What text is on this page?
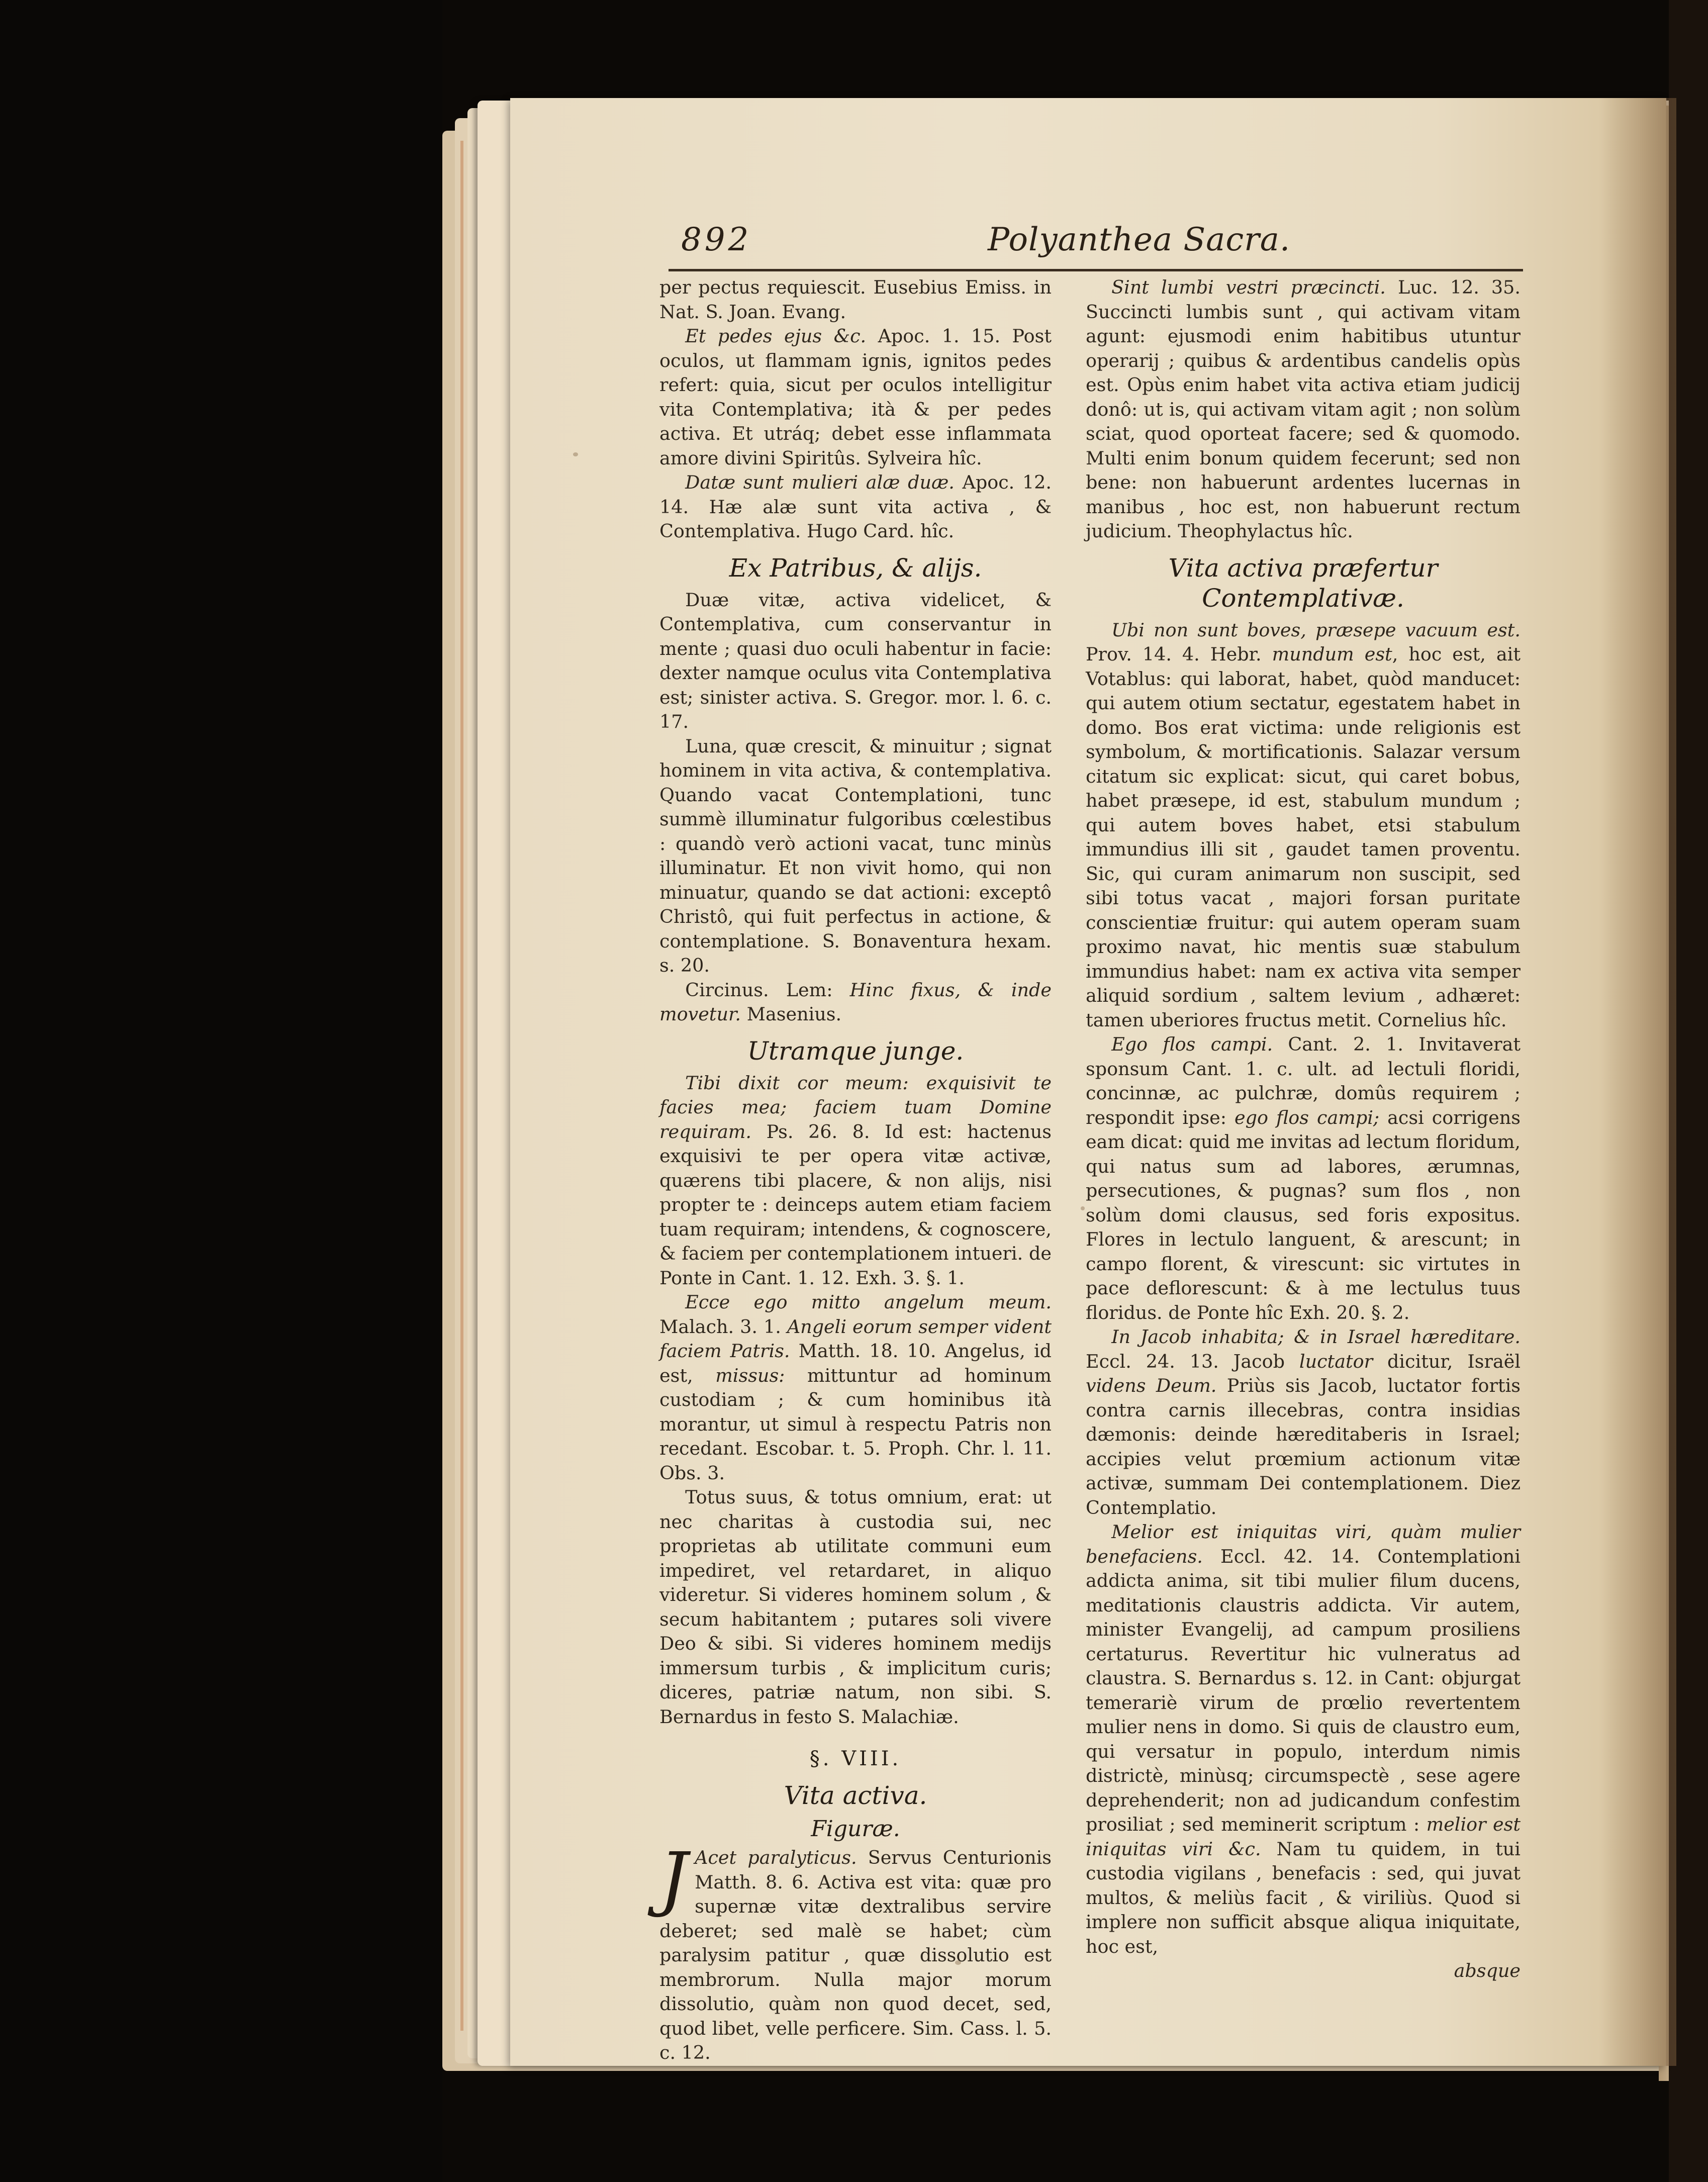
892	Polyanthea Sacra.

per pectus requiescit. Eusebius Emiss. in Nat. S. Joan. Evang.

Et pedes ejus &c. Apoc. 1. 15. Post oculos, ut flammam ignis, ignitos pedes refert: quia, sicut per oculos intelligitur vita Contemplativa; ità & per pedes activa. Et utráq; debet esse inflammata amore divini Spiritûs. Sylveira hîc.

Datæ sunt mulieri alæ duæ. Apoc. 12. 14. Hæ alæ sunt vita activa , & Contemplativa. Hugo Card. hîc.

Ex Patribus, & alijs.

Duæ vitæ, activa videlicet, & Contemplativa, cum conservantur in mente ; quasi duo oculi habentur in facie: dexter namque oculus vita Contemplativa est; sinister activa. S. Gregor. mor. l. 6. c. 17.

Luna, quæ crescit, & minuitur ; signat hominem in vita activa, & contemplativa. Quando vacat Contemplationi, tunc summè illuminatur fulgoribus cœlestibus : quandò verò actioni vacat, tunc minùs illuminatur. Et non vivit homo, qui non minuatur, quando se dat actioni: exceptô Christô, qui fuit perfectus in actione, & contemplatione. S. Bonaventura hexam. s. 20.

Circinus. Lem: Hinc fixus, & inde movetur. Masenius.

Utramque junge.

Tibi dixit cor meum: exquisivit te facies mea; faciem tuam Domine requiram. Ps. 26. 8. Id est: hactenus exquisivi te per opera vitæ activæ, quærens tibi placere, & non alijs, nisi propter te : deinceps autem etiam faciem tuam requiram; intendens, & cognoscere, & faciem per contemplationem intueri. de Ponte in Cant. 1. 12. Exh. 3. §. 1.

Ecce ego mitto angelum meum. Malach. 3. 1. Angeli eorum semper vident faciem Patris. Matth. 18. 10. Angelus, id est, missus: mittuntur ad hominum custodiam ; & cum hominibus ità morantur, ut simul à respectu Patris non recedant. Escobar. t. 5. Proph. Chr. l. 11. Obs. 3.

Totus suus, & totus omnium, erat: ut nec charitas à custodia sui, nec proprietas ab utilitate communi eum impediret, vel retardaret, in aliquo videretur. Si videres hominem solum , & secum habitantem ; putares soli vivere Deo & sibi. Si videres hominem medijs immersum turbis , & implicitum curis; diceres, patriæ natum, non sibi. S. Bernardus in festo S. Malachiæ.

§. VIII.
Vita activa.
Figuræ.

J Acet paralyticus. Servus Centurionis Matth. 8. 6. Activa est vita: quæ pro supernæ vitæ dextralibus servire deberet; sed malè se habet; cùm paralysim patitur , quæ dissolutio est membrorum. Nulla major morum dissolutio, quàm non quod decet, sed, quod libet, velle perficere. Sim. Cass. l. 5. c. 12.

Sint lumbi vestri præcincti. Luc. 12. 35. Succincti lumbis sunt , qui activam vitam agunt: ejusmodi enim habitibus utuntur operarij ; quibus & ardentibus candelis opùs est. Opùs enim habet vita activa etiam judicij donô: ut is, qui activam vitam agit ; non solùm sciat, quod oporteat facere; sed & quomodo. Multi enim bonum quidem fecerunt; sed non bene: non habuerunt ardentes lucernas in manibus , hoc est, non habuerunt rectum judicium. Theophylactus hîc.

Vita activa præfertur Contemplativæ.

Ubi non sunt boves, præsepe vacuum est. Prov. 14. 4. Hebr. mundum est, hoc est, ait Votablus: qui laborat, habet, quòd manducet: qui autem otium sectatur, egestatem habet in domo. Bos erat victima: unde religionis est symbolum, & mortificationis. Salazar versum citatum sic explicat: sicut, qui caret bobus, habet præsepe, id est, stabulum mundum ; qui autem boves habet, etsi stabulum immundius illi sit , gaudet tamen proventu. Sic, qui curam animarum non suscipit, sed sibi totus vacat , majori forsan puritate conscientiæ fruitur: qui autem operam suam proximo navat, hic mentis suæ stabulum immundius habet: nam ex activa vita semper aliquid sordium , saltem levium , adhæret: tamen uberiores fructus metit. Cornelius hîc.

Ego flos campi. Cant. 2. 1. Invitaverat sponsum Cant. 1. c. ult. ad lectuli floridi, concinnæ, ac pulchræ, domûs requirem ; respondit ipse: ego flos campi; acsi corrigens eam dicat: quid me invitas ad lectum floridum, qui natus sum ad labores, ærumnas, persecutiones, & pugnas? sum flos , non solùm domi clausus, sed foris expositus. Flores in lectulo languent, & arescunt; in campo florent, & virescunt: sic virtutes in pace deflorescunt: & à me lectulus tuus floridus. de Ponte hîc Exh. 20. §. 2.

In Jacob inhabita; & in Israel hæreditare. Eccl. 24. 13. Jacob luctator dicitur, Israël videns Deum. Priùs sis Jacob, luctator fortis contra carnis illecebras, contra insidias dæmonis: deinde hæreditaberis in Israel; accipies velut prœmium actionum vitæ activæ, summam Dei contemplationem. Diez Contemplatio.

Melior est iniquitas viri, quàm mulier benefaciens. Eccl. 42. 14. Contemplationi addicta anima, sit tibi mulier filum ducens, meditationis claustris addicta. Vir autem, minister Evangelij, ad campum prosiliens certaturus. Revertitur hic vulneratus ad claustra. S. Bernardus s. 12. in Cant: objurgat temerariè virum de prœlio revertentem mulier nens in domo. Si quis de claustro eum, qui versatur in populo, interdum nimis districtè, minùsq; circumspectè , sese agere deprehenderit; non ad judicandum confestim prosiliat ; sed meminerit scriptum : melior est iniquitas viri &c. Nam tu quidem, in tui custodia vigilans , benefacis : sed, qui juvat multos, & meliùs facit , & viriliùs. Quod si implere non sufficit absque aliqua iniquitate, hoc est,

absque
